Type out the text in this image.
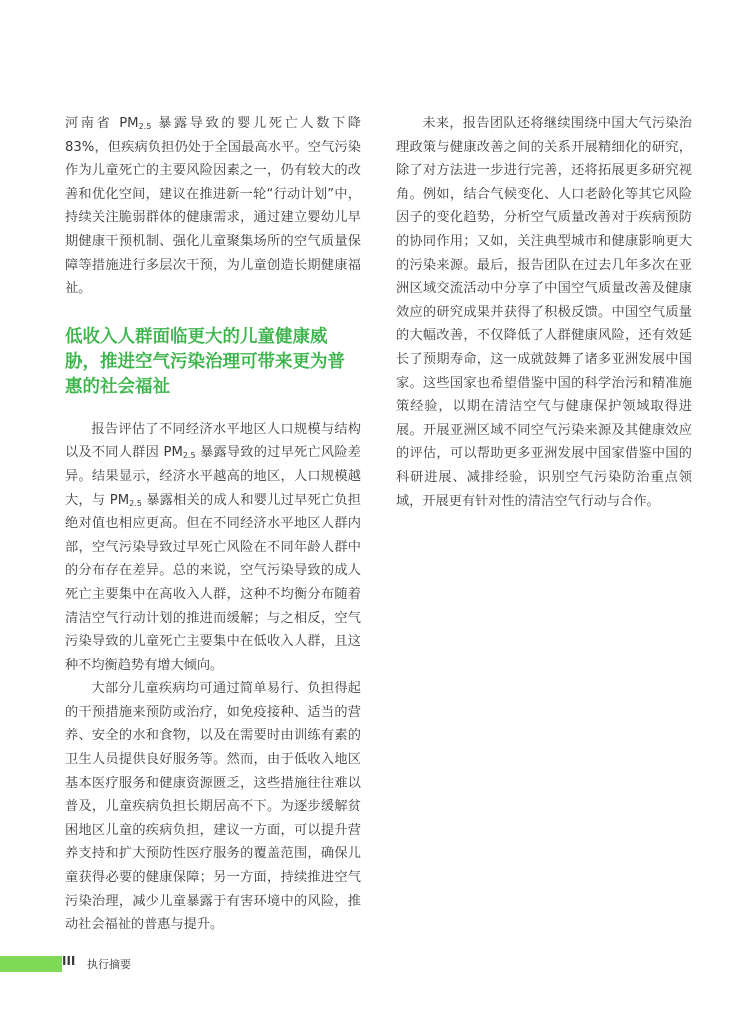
河南省 $PM_{2.5}$ 暴露导致的婴儿死亡人数下降 83%，但疾病负担仍处于全国最高水平。空气污染作为儿童死亡的主要风险因素之一，仍有较大的改善和优化空间，建议在推进新一轮“行动计划”中，持续关注脆弱群体的健康需求，通过建立婴幼儿早期健康干预机制、强化儿童聚集场所的空气质量保障等措施进行多层次干预，为儿童创造长期健康福祉。

低收入人群面临更大的儿童健康威胁，推进空气污染治理可带来更为普惠的社会福祉

报告评估了不同经济水平地区人口规模与结构以及不同人群因 $PM_{2.5}$ 暴露导致的过早死亡风险差异。结果显示，经济水平越高的地区，人口规模越大，与 $PM_{2.5}$ 暴露相关的成人和婴儿过早死亡负担绝对值也相应更高。但在不同经济水平地区人群内部，空气污染导致过早死亡风险在不同年龄人群中的分布存在差异。总的来说，空气污染导致的成人死亡主要集中在高收入人群，这种不均衡分布随着清洁空气行动计划的推进而缓解；与之相反，空气污染导致的儿童死亡主要集中在低收入人群，且这种不均衡趋势有增大倾向。

大部分儿童疾病均可通过简单易行、负担得起的干预措施来预防或治疗，如免疫接种、适当的营养、安全的水和食物，以及在需要时由训练有素的卫生人员提供良好服务等。然而，由于低收入地区基本医疗服务和健康资源匮乏，这些措施往往难以普及，儿童疾病负担长期居高不下。为逐步缓解贫困地区儿童的疾病负担，建议一方面，可以提升营养支持和扩大预防性医疗服务的覆盖范围，确保儿童获得必要的健康保障；另一方面，持续推进空气污染治理，减少儿童暴露于有害环境中的风险，推动社会福祉的普惠与提升。

未来，报告团队还将继续围绕中国大气污染治理政策与健康改善之间的关系开展精细化的研究，除了对方法进一步进行完善，还将拓展更多研究视角。例如，结合气候变化、人口老龄化等其它风险因子的变化趋势，分析空气质量改善对于疾病预防的协同作用；又如，关注典型城市和健康影响更大的污染来源。最后，报告团队在过去几年多次在亚洲区域交流活动中分享了中国空气质量改善及健康效应的研究成果并获得了积极反馈。中国空气质量的大幅改善，不仅降低了人群健康风险，还有效延长了预期寿命，这一成就鼓舞了诸多亚洲发展中国家。这些国家也希望借鉴中国的科学治污和精准施策经验，以期在清洁空气与健康保护领域取得进展。开展亚洲区域不同空气污染来源及其健康效应的评估，可以帮助更多亚洲发展中国家借鉴中国的科研进展、减排经验，识别空气污染防治重点领域，开展更有针对性的清洁空气行动与合作。

III 执行摘要
